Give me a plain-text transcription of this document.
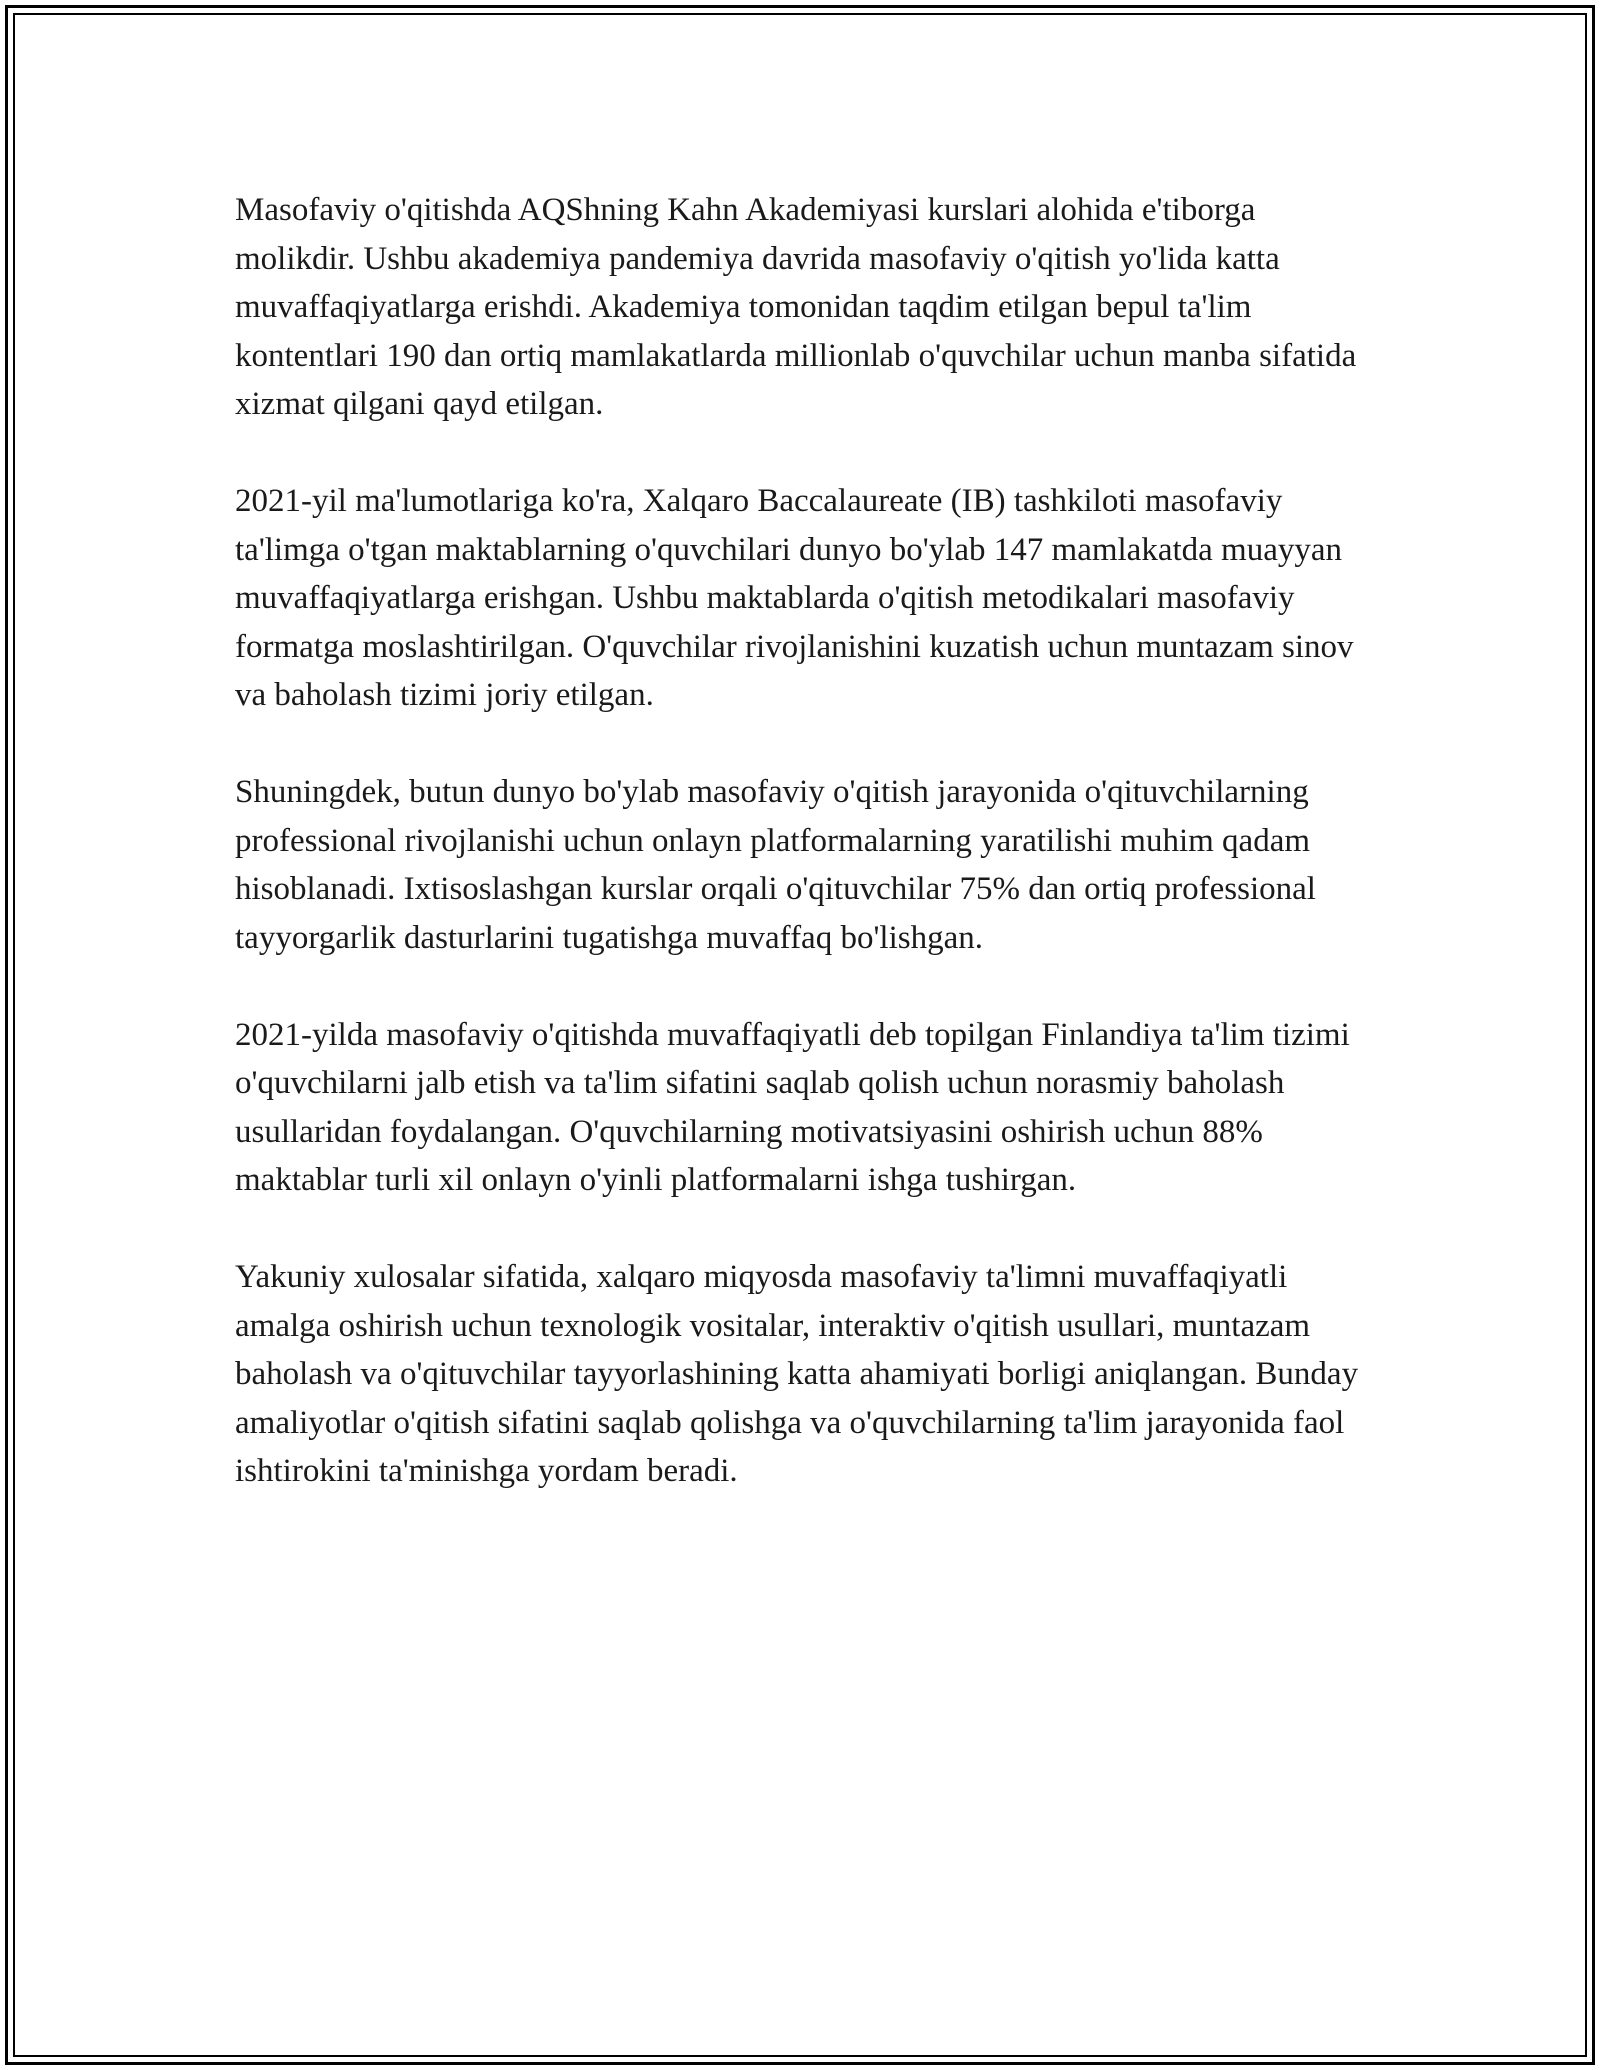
Masofaviy o'qitishda AQShning Kahn Akademiyasi kurslari alohida e'tiborga molikdir. Ushbu akademiya pandemiya davrida masofaviy o'qitish yo'lida katta muvaffaqiyatlarga erishdi. Akademiya tomonidan taqdim etilgan bepul ta'lim kontentlari 190 dan ortiq mamlakatlarda millionlab o'quvchilar uchun manba sifatida xizmat qilgani qayd etilgan.

2021-yil ma'lumotlariga ko'ra, Xalqaro Baccalaureate (IB) tashkiloti masofaviy ta'limga o'tgan maktablarning o'quvchilari dunyo bo'ylab 147 mamlakatda muayyan muvaffaqiyatlarga erishgan. Ushbu maktablarda o'qitish metodikalari masofaviy formatga moslashtirilgan. O'quvchilar rivojlanishini kuzatish uchun muntazam sinov va baholash tizimi joriy etilgan.

Shuningdek, butun dunyo bo'ylab masofaviy o'qitish jarayonida o'qituvchilarning professional rivojlanishi uchun onlayn platformalarning yaratilishi muhim qadam hisoblanadi. Ixtisoslashgan kurslar orqali o'qituvchilar 75% dan ortiq professional tayyorgarlik dasturlarini tugatishga muvaffaq bo'lishgan.

2021-yilda masofaviy o'qitishda muvaffaqiyatli deb topilgan Finlandiya ta'lim tizimi o'quvchilarni jalb etish va ta'lim sifatini saqlab qolish uchun norasmiy baholash usullaridan foydalangan. O'quvchilarning motivatsiyasini oshirish uchun 88% maktablar turli xil onlayn o'yinli platformalarni ishga tushirgan.

Yakuniy xulosalar sifatida, xalqaro miqyosda masofaviy ta'limni muvaffaqiyatli amalga oshirish uchun texnologik vositalar, interaktiv o'qitish usullari, muntazam baholash va o'qituvchilar tayyorlashining katta ahamiyati borligi aniqlangan. Bunday amaliyotlar o'qitish sifatini saqlab qolishga va o'quvchilarning ta'lim jarayonida faol ishtirokini ta'minishga yordam beradi.
